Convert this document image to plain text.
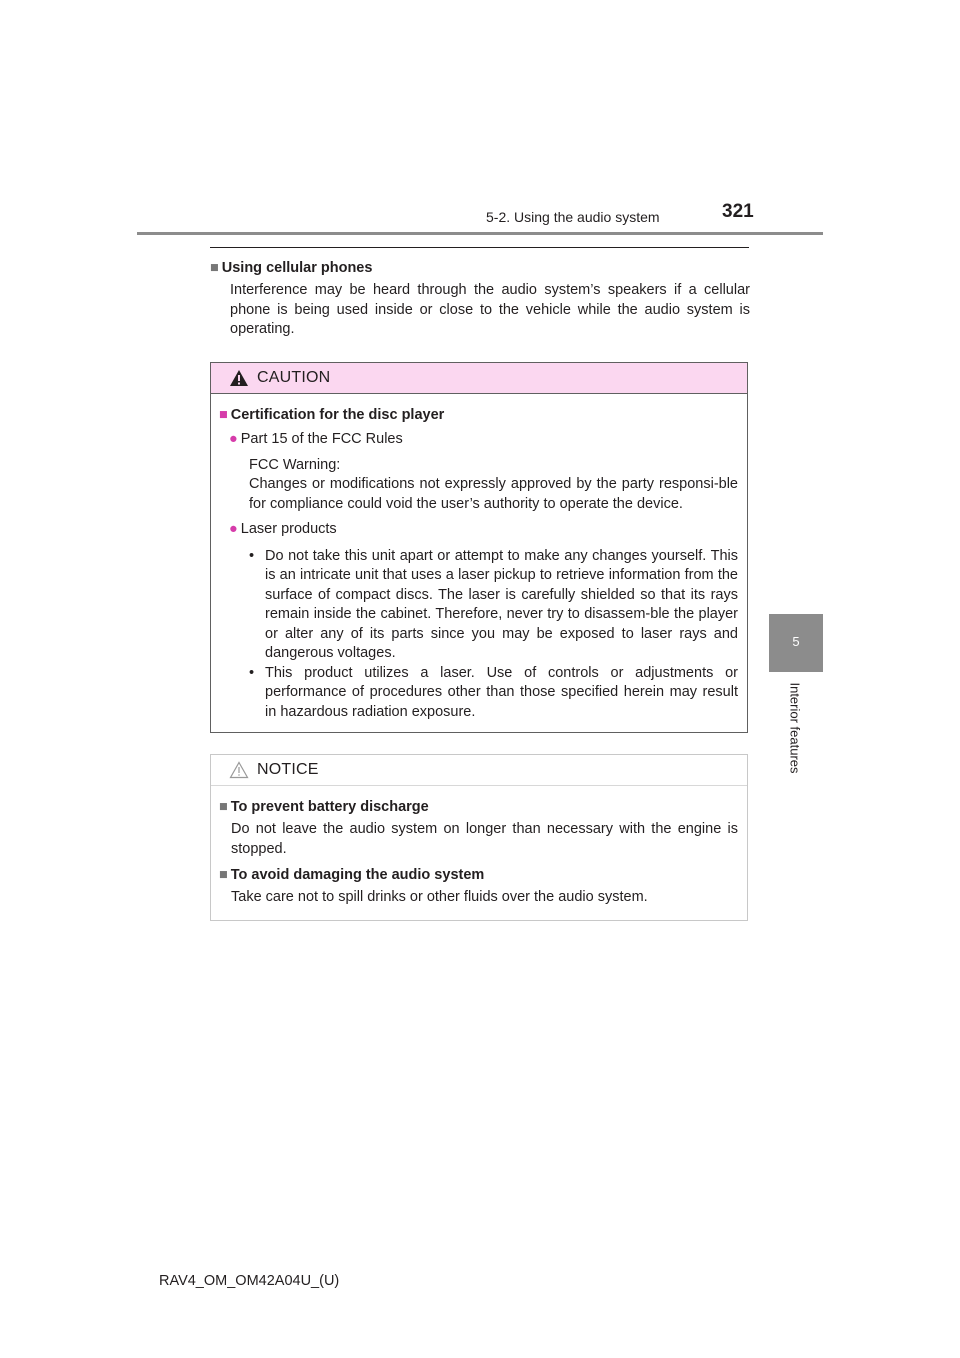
5-2. Using the audio system	321
5
Interior features
■ Using cellular phones
Interference may be heard through the audio system’s speakers if a cellular phone is being used inside or close to the vehicle while the audio system is operating.
CAUTION
■ Certification for the disc player
● Part 15 of the FCC Rules
FCC Warning:
Changes or modifications not expressly approved by the party responsi-ble for compliance could void the user’s authority to operate the device.
● Laser products
• Do not take this unit apart or attempt to make any changes yourself. This is an intricate unit that uses a laser pickup to retrieve information from the surface of compact discs. The laser is carefully shielded so that its rays remain inside the cabinet. Therefore, never try to disassem-ble the player or alter any of its parts since you may be exposed to laser rays and dangerous voltages.
• This product utilizes a laser. Use of controls or adjustments or performance of procedures other than those specified herein may result in hazardous radiation exposure.
NOTICE
■ To prevent battery discharge
Do not leave the audio system on longer than necessary with the engine is stopped.
■ To avoid damaging the audio system
Take care not to spill drinks or other fluids over the audio system.
RAV4_OM_OM42A04U_(U)
